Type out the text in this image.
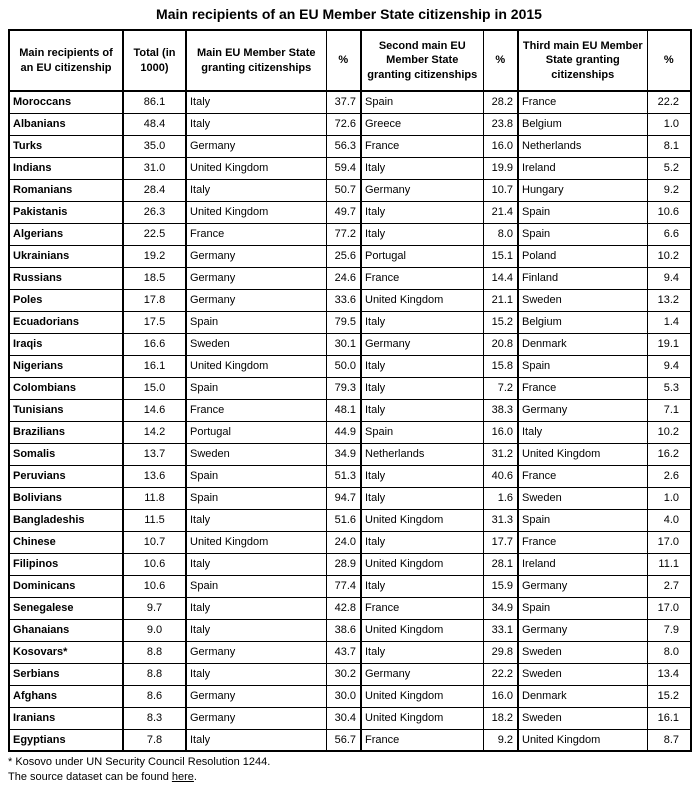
Main recipients of an EU Member State citizenship in 2015
Main recipients of an EU citizenship	Total (in 1000)	Main EU Member State granting citizenships	%	Second main EU Member State granting citizenships	%	Third main EU Member State granting citizenships	%
Moroccans	86.1	Italy	37.7	Spain	28.2	France	22.2
Albanians	48.4	Italy	72.6	Greece	23.8	Belgium	1.0
Turks	35.0	Germany	56.3	France	16.0	Netherlands	8.1
Indians	31.0	United Kingdom	59.4	Italy	19.9	Ireland	5.2
Romanians	28.4	Italy	50.7	Germany	10.7	Hungary	9.2
Pakistanis	26.3	United Kingdom	49.7	Italy	21.4	Spain	10.6
Algerians	22.5	France	77.2	Italy	8.0	Spain	6.6
Ukrainians	19.2	Germany	25.6	Portugal	15.1	Poland	10.2
Russians	18.5	Germany	24.6	France	14.4	Finland	9.4
Poles	17.8	Germany	33.6	United Kingdom	21.1	Sweden	13.2
Ecuadorians	17.5	Spain	79.5	Italy	15.2	Belgium	1.4
Iraqis	16.6	Sweden	30.1	Germany	20.8	Denmark	19.1
Nigerians	16.1	United Kingdom	50.0	Italy	15.8	Spain	9.4
Colombians	15.0	Spain	79.3	Italy	7.2	France	5.3
Tunisians	14.6	France	48.1	Italy	38.3	Germany	7.1
Brazilians	14.2	Portugal	44.9	Spain	16.0	Italy	10.2
Somalis	13.7	Sweden	34.9	Netherlands	31.2	United Kingdom	16.2
Peruvians	13.6	Spain	51.3	Italy	40.6	France	2.6
Bolivians	11.8	Spain	94.7	Italy	1.6	Sweden	1.0
Bangladeshis	11.5	Italy	51.6	United Kingdom	31.3	Spain	4.0
Chinese	10.7	United Kingdom	24.0	Italy	17.7	France	17.0
Filipinos	10.6	Italy	28.9	United Kingdom	28.1	Ireland	11.1
Dominicans	10.6	Spain	77.4	Italy	15.9	Germany	2.7
Senegalese	9.7	Italy	42.8	France	34.9	Spain	17.0
Ghanaians	9.0	Italy	38.6	United Kingdom	33.1	Germany	7.9
Kosovars*	8.8	Germany	43.7	Italy	29.8	Sweden	8.0
Serbians	8.8	Italy	30.2	Germany	22.2	Sweden	13.4
Afghans	8.6	Germany	30.0	United Kingdom	16.0	Denmark	15.2
Iranians	8.3	Germany	30.4	United Kingdom	18.2	Sweden	16.1
Egyptians	7.8	Italy	56.7	France	9.2	United Kingdom	8.7

* Kosovo under UN Security Council Resolution 1244.

The source dataset can be found here.
